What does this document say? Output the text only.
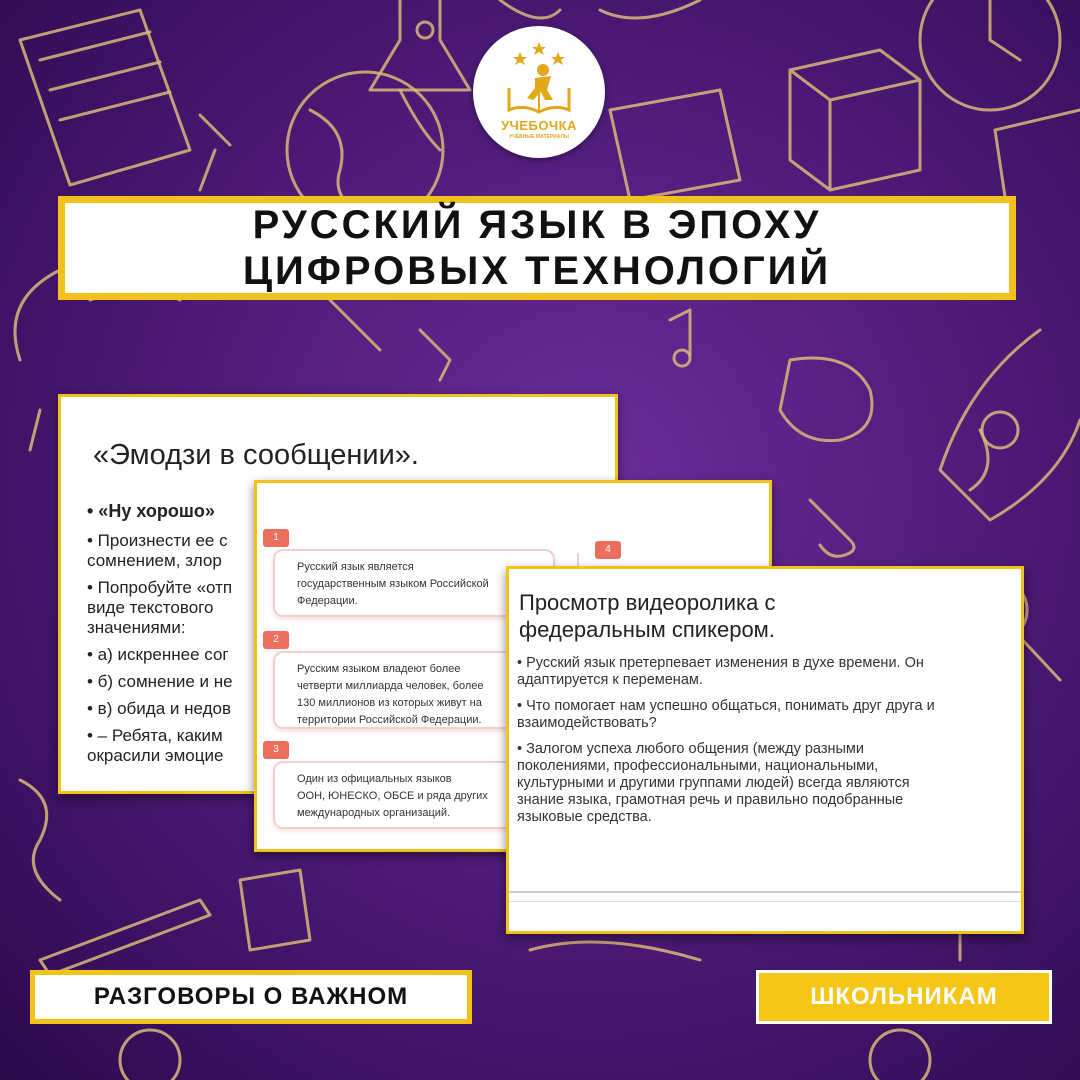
УЧЕБОЧКА
УЧЕБНЫЕ МАТЕРИАЛЫ
РУССКИЙ ЯЗЫК В ЭПОХУ
ЦИФРОВЫХ ТЕХНОЛОГИЙ
«Эмодзи в сообщении».
• «Ну хорошо»
• Произнести ее с
сомнением, злор
• Попробуйте «отп
виде текстового
значениями:
• а) искреннее сог
• б) сомнение и не
• в) обида и недов
• – Ребята, каким
окрасили эмоцие
1
Русский язык является
государственным языком Российской
Федерации.
2
Русским языком владеют более
четверти миллиарда человек, более
130 миллионов из которых живут на
территории Российской Федерации.
3
Один из официальных языков
ООН, ЮНЕСКО, ОБСЕ и ряда других
международных организаций.
4
Просмотр видеоролика с
федеральным спикером.
• Русский язык претерпевает изменения в духе времени. Он
адаптируется к переменам.
• Что помогает нам успешно общаться, понимать друг друга и
взаимодействовать?
• Залогом успеха любого общения (между разными
поколениями, профессиональными, национальными,
культурными и другими группами людей) всегда являются
знание языка, грамотная речь и правильно подобранные
языковые средства.
РАЗГОВОРЫ О ВАЖНОМ	ШКОЛЬНИКАМ
